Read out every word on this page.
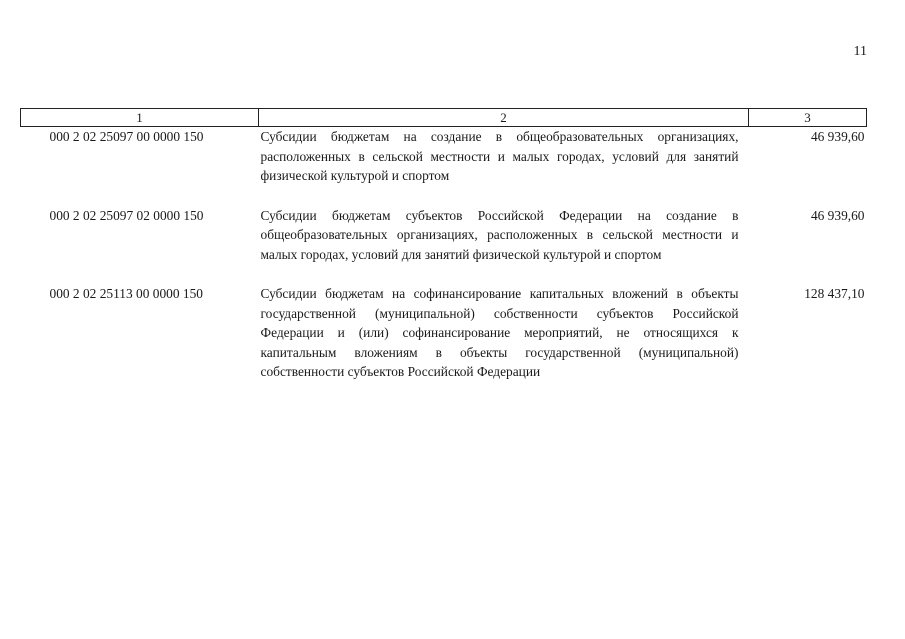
11
1	2	3
000 2 02 25097 00 0000 150	Субсидии бюджетам на создание в общеобразовательных организациях, расположенных в сельской местности и малых городах, условий для занятий физической культурой и спортом	46 939,60

000 2 02 25097 02 0000 150	Субсидии бюджетам субъектов Российской Федерации на создание в общеобразовательных организациях, расположенных в сельской местности и малых городах, условий для занятий физической культурой и спортом	46 939,60

000 2 02 25113 00 0000 150	Субсидии бюджетам на софинансирование капитальных вложений в объекты государственной (муниципальной) собственности субъектов Российской Федерации и (или) софинансирование мероприятий, не относящихся к капитальным вложениям в объекты государственной (муниципальной) собственности субъектов Российской Федерации	128 437,10
